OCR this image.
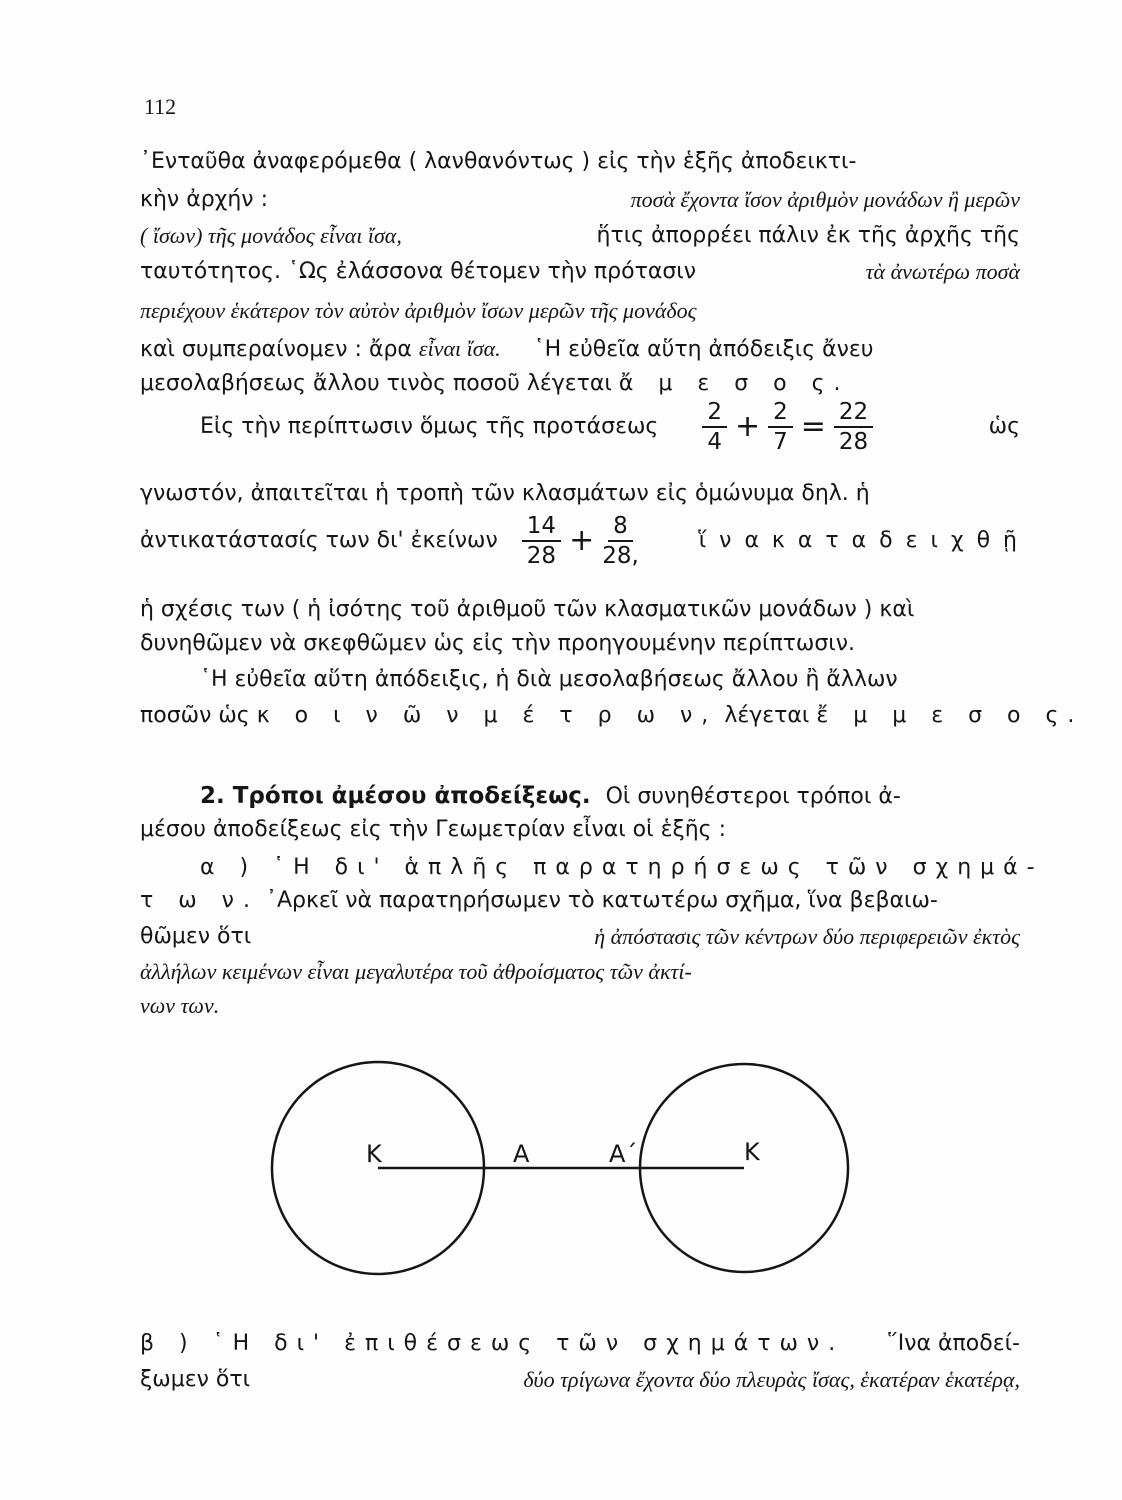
112
᾿Ενταῦθα ἀναφερόμεθα ( λανθανόντως ) εἰς τὴν ἑξῆς ἀποδεικτι-
κὴν ἀρχήν :	ποσὰ ἔχοντα ἴσον ἀριθμὸν μονάδων ἢ μερῶν
( ἴσων) τῆς μονάδος εἶναι ἴσα,	ἥτις ἀπορρέει πάλιν ἐκ τῆς ἀρχῆς τῆς
ταυτότητος. ῾Ως ἐλάσσονα θέτομεν τὴν πρότασιν	τὰ ἀνωτέρω ποσὰ
περιέχουν ἑκάτερον τὸν αὐτὸν ἀριθμὸν ἴσων μερῶν τῆς μονάδος
καὶ συμπεραίνομεν : ἄρα εἶναι ἴσα. ῾Η εὐθεῖα αὕτη ἀπόδειξις ἄνευ
μεσολαβήσεως ἄλλου τινὸς ποσοῦ λέγεται ἄ μ ε σ ο ς.
Εἰς τὴν περίπτωσιν ὅμως τῆς προτάσεως $\frac{2}{4} + \frac{2}{7} = \frac{22}{28}$	ὡς
γνωστόν, ἀπαιτεῖται ἡ τροπὴ τῶν κλασμάτων εἰς ὁμώνυμα δηλ. ἡ
ἀντικατάστασίς των δι' ἐκείνων $\frac{14}{28} + \frac{8}{28,}$	ἵ ν α κ α τ α δ ε ι χ θ ῇ
ἡ σχέσις των ( ἡ ἰσότης τοῦ ἀριθμοῦ τῶν κλασματικῶν μονάδων ) καὶ
δυνηθῶμεν νὰ σκεφθῶμεν ὡς εἰς τὴν προηγουμένην περίπτωσιν.
῾Η εὐθεῖα αὕτη ἀπόδειξις, ἡ διὰ μεσολαβήσεως ἄλλου ἢ ἄλλων
ποσῶν ὡς κ ο ι ν ῶ ν μ έ τ ρ ω ν, λέγεται ἔ μ μ ε σ ο ς.
2. Τρόποι ἀμέσου ἀποδείξεως. Οἱ συνηθέστεροι τρόποι ἀ-
μέσου ἀποδείξεως εἰς τὴν Γεωμετρίαν εἶναι οἱ ἑξῆς :
α ) ῾Η δι' ἁπλῆς παρατηρήσεως τῶν σχημά-
τ ω ν. ᾿Αρκεῖ νὰ παρατηρήσωμεν τὸ κατωτέρω σχῆμα, ἵνα βεβαιω-
θῶμεν ὅτι	ἡ ἀπόστασις τῶν κέντρων δύο περιφερειῶν ἐκτὸς
ἀλλήλων κειμένων εἶναι μεγαλυτέρα τοῦ ἀθροίσματος τῶν ἀκτί-
νων των.
Κ	Α	Α΄	Κ
β ) ῾Η δι' ἐπιθέσεως τῶν σχημάτων. ῞Ινα ἀποδεί-
ξωμεν ὅτι	δύο τρίγωνα ἔχοντα δύο πλευρὰς ἴσας, ἑκατέραν ἑκατέρᾳ,
